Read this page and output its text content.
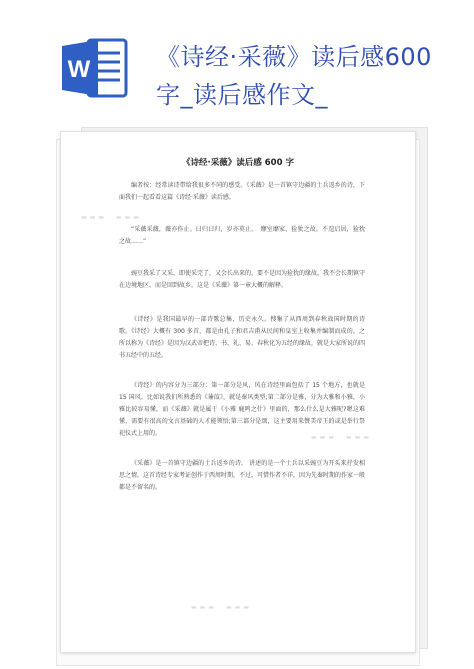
W	《诗经·采薇》读后感600
字_读后感作文_
▬▬▬　▬▬▬
▬▬▬　▬▬▬
▬▬▬　▬▬▬
《诗经·采薇》读后感 600 字

编者按：经常读诗带给我很多不同的感受。《采薇》是一首镇守边疆的士兵返乡的诗，下面我们一起看看这篇《诗经·采薇》读后感。

“采薇采薇，薇亦作止。曰归曰归，岁亦莫止。　靡室靡家，猃狁之故。不遑启居，猃狁之故……”

豌豆我采了又采，即使采完了，又会长出来的，要不是因为猃狁的缘故，我不会长期镇守在边境地区，而是回到故乡。这是《采薇》第一章大概的解释。

《诗经》是我国最早的一部诗歌总集，历史永久。搜集了从西周到春秋战国时期的诗歌。《诗经》大概有 300 多首，都是由孔子和君吉甫从民间和皇室上收集并编制而成的。之所以称为《诗经》是因为汉武帝把诗、书、礼、易、春秋化为五经的缘故，就是大家所说的四书五经中的五经。

《诗经》的内容分为三部分：第一部分是风，风在诗经里面包括了 15 个地方，也就是 15 国风。比如说我们所熟悉的《蒹葭》，就是秦风类型;第二部分是雅，分为大雅和小雅，小雅比较容易懂，而《采薇》就是属于《小雅 鹿鸣之什》里面的，那么什么是大雅呢?嗯这难懂，需要有很高的文言基础的人才能领悟;第三部分是颂，这主要用来赞美帝王的或是举行祭祀仪式上用的。

《采薇》是一首镇守边疆的士兵返乡的诗。 讲述的是一个士兵以采豌豆为开头来抒发相思之情。这首诗经专家考证创作于西周时期，不过，可惜作者不详，因为先秦时期的作家一般都是不留名的。
